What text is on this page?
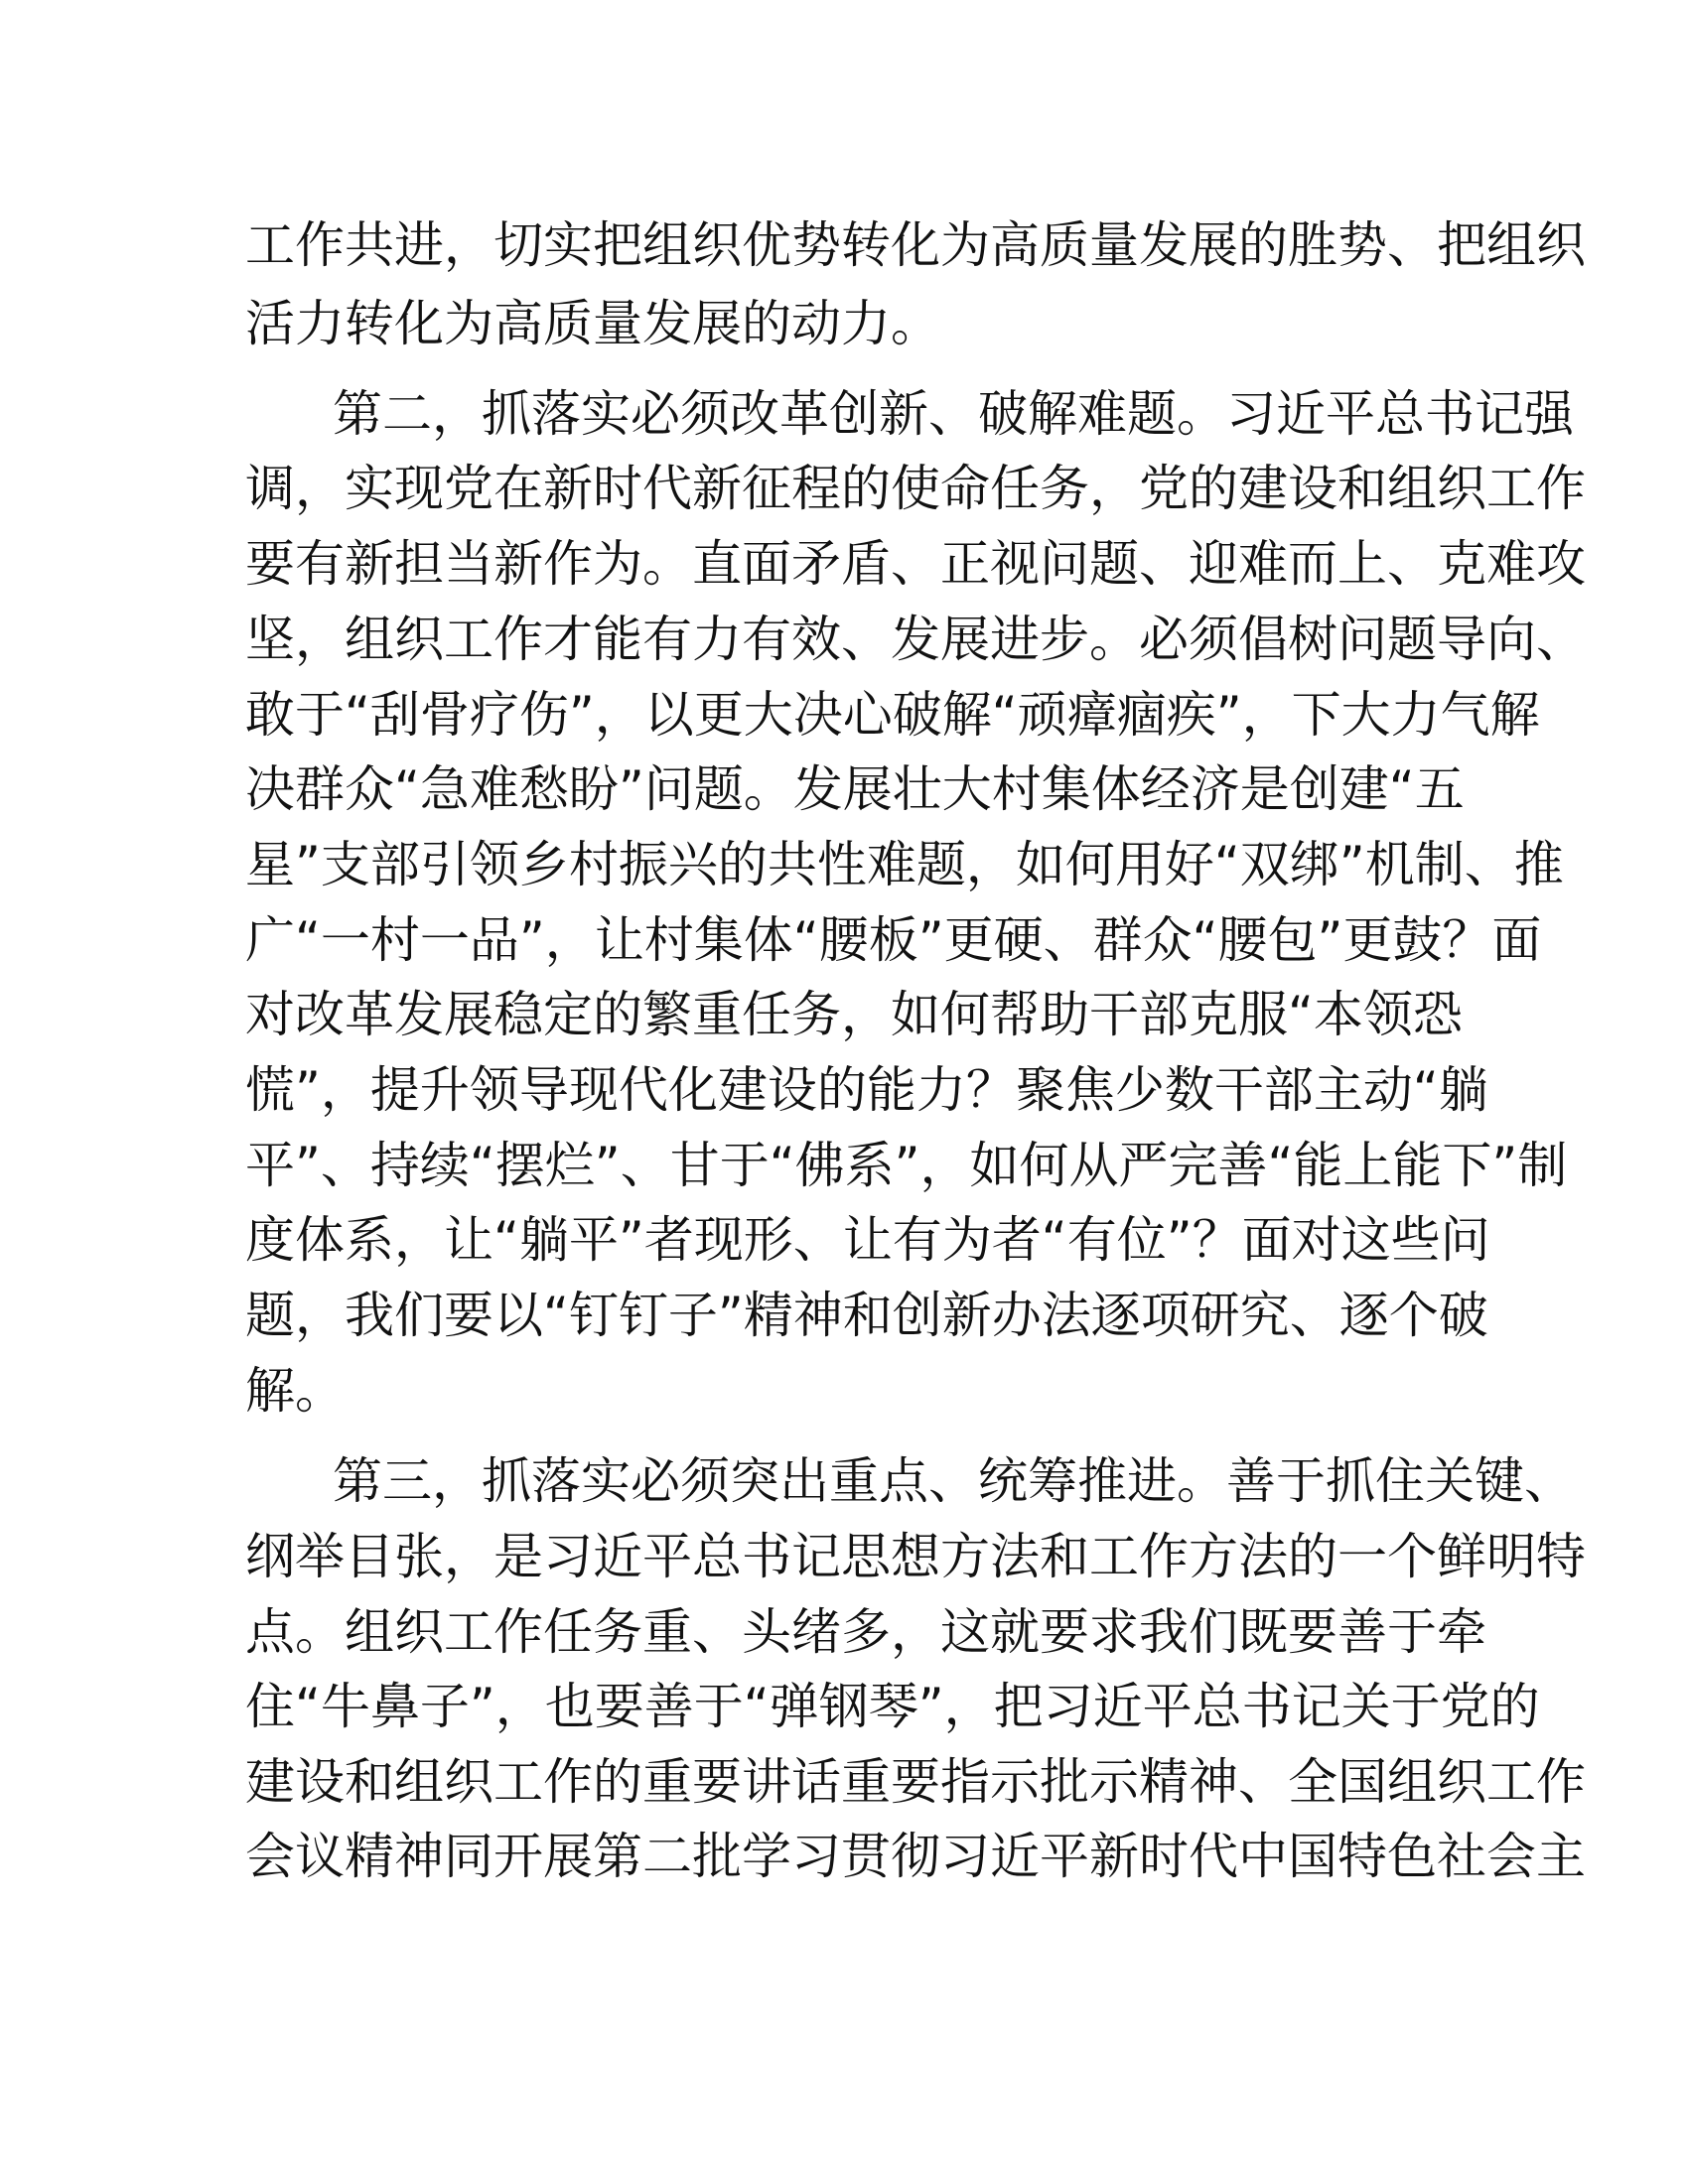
工作共进，切实把组织优势转化为高质量发展的胜势、把组织
活力转化为高质量发展的动力。
第二，抓落实必须改革创新、破解难题。习近平总书记强
调，实现党在新时代新征程的使命任务，党的建设和组织工作
要有新担当新作为。直面矛盾、正视问题、迎难而上、克难攻
坚，组织工作才能有力有效、发展进步。必须倡树问题导向、
敢于“刮骨疗伤”，以更大决心破解“顽瘴痼疾”，下大力气解
决群众“急难愁盼”问题。发展壮大村集体经济是创建“五
星”支部引领乡村振兴的共性难题，如何用好“双绑”机制、推
广“一村一品”，让村集体“腰板”更硬、群众“腰包”更鼓？面
对改革发展稳定的繁重任务，如何帮助干部克服“本领恐
慌”，提升领导现代化建设的能力？聚焦少数干部主动“躺
平”、持续“摆烂”、甘于“佛系”，如何从严完善“能上能下”制
度体系，让“躺平”者现形、让有为者“有位”？面对这些问
题，我们要以“钉钉子”精神和创新办法逐项研究、逐个破
解。
第三，抓落实必须突出重点、统筹推进。善于抓住关键、
纲举目张，是习近平总书记思想方法和工作方法的一个鲜明特
点。组织工作任务重、头绪多，这就要求我们既要善于牵
住“牛鼻子”，也要善于“弹钢琴”，把习近平总书记关于党的
建设和组织工作的重要讲话重要指示批示精神、全国组织工作
会议精神同开展第二批学习贯彻习近平新时代中国特色社会主
